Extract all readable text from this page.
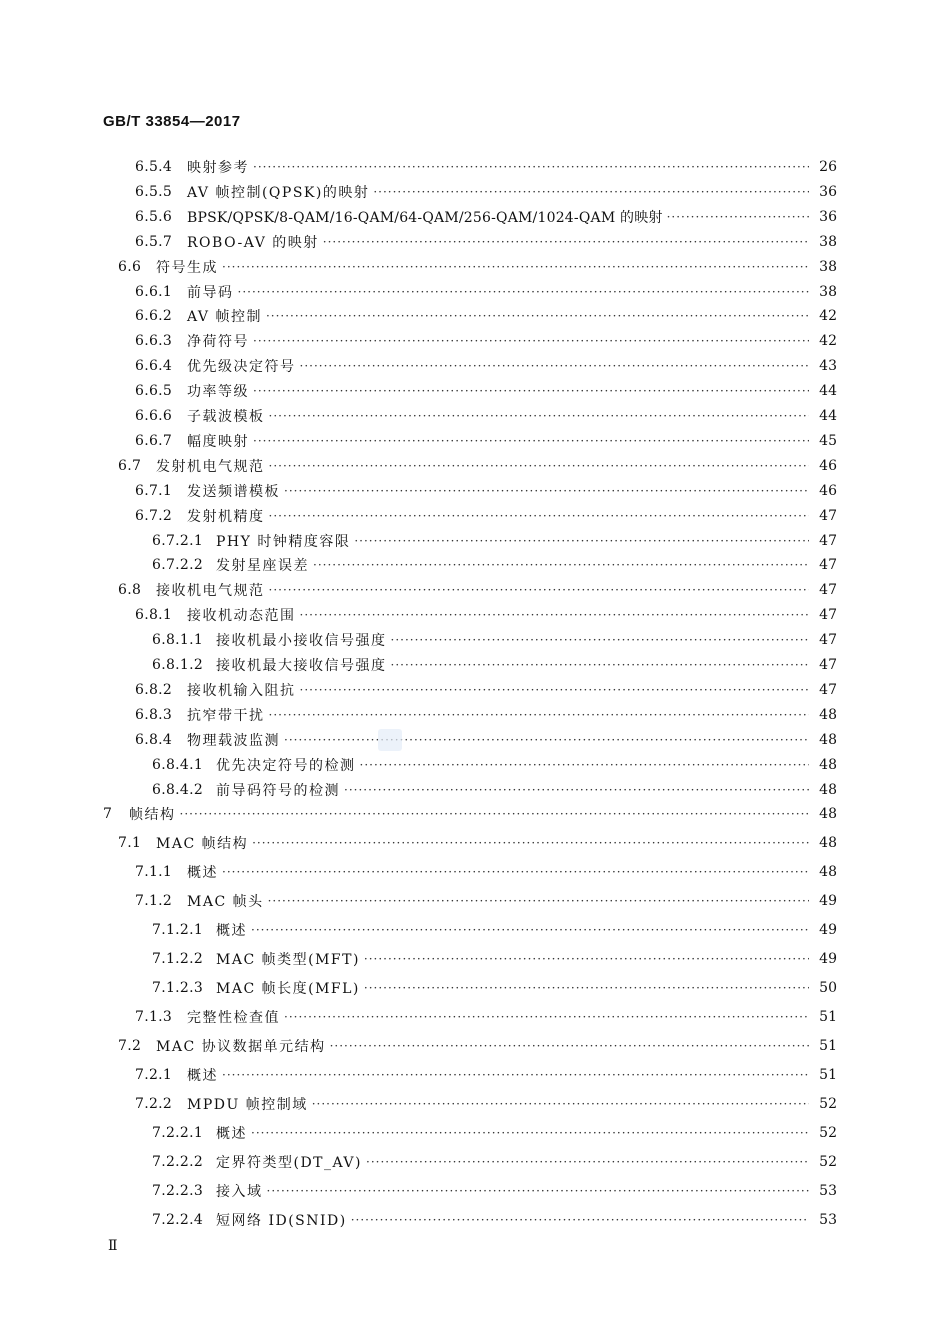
GB/T 33854—2017
6.5.4	映射参考 ·····	26
6.5.5	AV 帧控制(QPSK)的映射 ·····	36
6.5.6	BPSK/QPSK/8-QAM/16-QAM/64-QAM/256-QAM/1024-QAM 的映射 ·····	36
6.5.7	ROBO-AV 的映射 ·····	38
6.6	符号生成 ·····	38
6.6.1	前导码 ·····	38
6.6.2	AV 帧控制 ·····	42
6.6.3	净荷符号 ·····	42
6.6.4	优先级决定符号 ·····	43
6.6.5	功率等级 ·····	44
6.6.6	子载波模板 ·····	44
6.6.7	幅度映射 ·····	45
6.7	发射机电气规范 ·····	46
6.7.1	发送频谱模板 ·····	46
6.7.2	发射机精度 ·····	47
6.7.2.1 PHY 时钟精度容限 ·····	47
6.7.2.2 发射星座误差 ·····	47
6.8	接收机电气规范 ·····	47
6.8.1	接收机动态范围 ·····	47
6.8.1.1 接收机最小接收信号强度 ·····	47
6.8.1.2 接收机最大接收信号强度 ·····	47
6.8.2	接收机输入阻抗 ·····	47
6.8.3	抗窄带干扰 ·····	48
6.8.4	物理载波监测 ·····	48
6.8.4.1 优先决定符号的检测 ·····	48
6.8.4.2 前导码符号的检测 ·····	48
7	帧结构 ·····	48
7.1	MAC 帧结构 ·····	48
7.1.1	概述 ·····	48
7.1.2	MAC 帧头 ·····	49
7.1.2.1 概述 ·····	49
7.1.2.2 MAC 帧类型(MFT) ·····	49
7.1.2.3 MAC 帧长度(MFL) ·····	50
7.1.3	完整性检查值 ·····	51
7.2	MAC 协议数据单元结构 ·····	51
7.2.1	概述 ·····	51
7.2.2	MPDU 帧控制域 ·····	52
7.2.2.1 概述 ·····	52
7.2.2.2 定界符类型(DT_AV) ·····	52
7.2.2.3 接入域 ·····	53
7.2.2.4 短网络 ID(SNID) ·····	53
Ⅱ
